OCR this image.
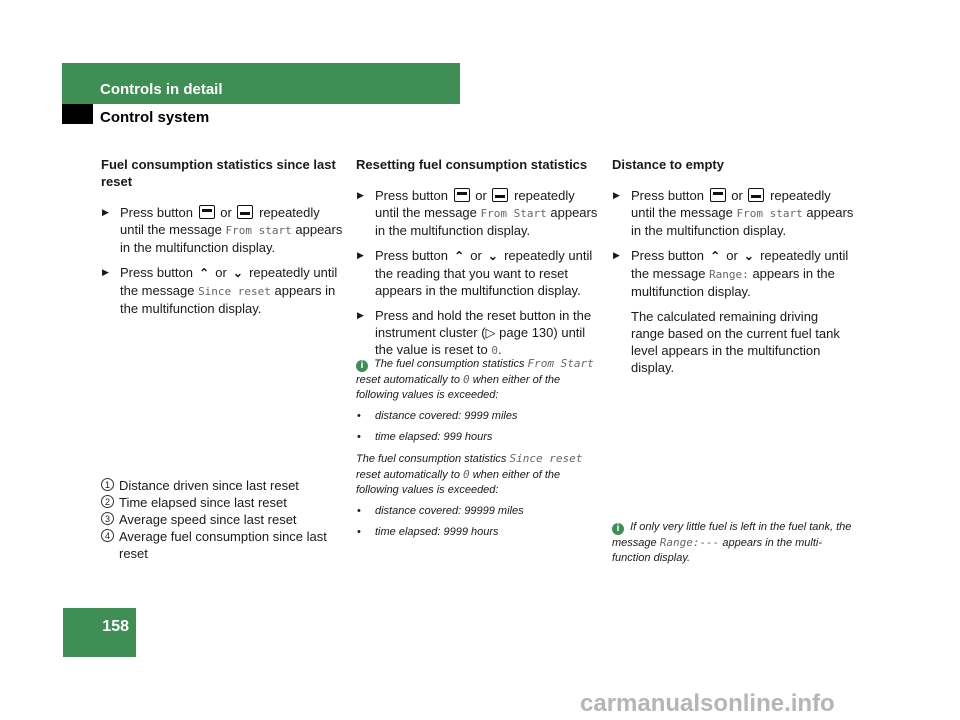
Controls in detail
Control system
Fuel consumption statistics since last reset
▶ Press button or repeatedly until the message From start appears in the multifunction display.
▶ Press button ⌃ or ⌄ repeatedly until the message Since reset appears in the multifunction display.
1 Distance driven since last reset
2 Time elapsed since last reset
3 Average speed since last reset
4 Average fuel consumption since last reset
Resetting fuel consumption statistics
▶ Press button or repeatedly until the message From Start appears in the multifunction display.
▶ Press button ⌃ or ⌄ repeatedly until the reading that you want to reset appears in the multifunction display.
▶ Press and hold the reset button in the instrument cluster (▷ page 130) until the value is reset to 0.

i The fuel consumption statistics From Start reset automatically to 0 when either of the following values is exceeded:

• distance covered: 9999 miles
• time elapsed: 999 hours

The fuel consumption statistics Since reset reset automatically to 0 when either of the following values is exceeded:

• distance covered: 99999 miles
• time elapsed: 9999 hours
Distance to empty
▶ Press button or repeatedly until the message From start appears in the multifunction display.
▶ Press button ⌃ or ⌄ repeatedly until the message Range: appears in the multifunction display.
The calculated remaining driving range based on the current fuel tank level appears in the multifunction display.

i If only very little fuel is left in the fuel tank, the message Range:--- appears in the multi-function display.

158
carmanualsonline.info
